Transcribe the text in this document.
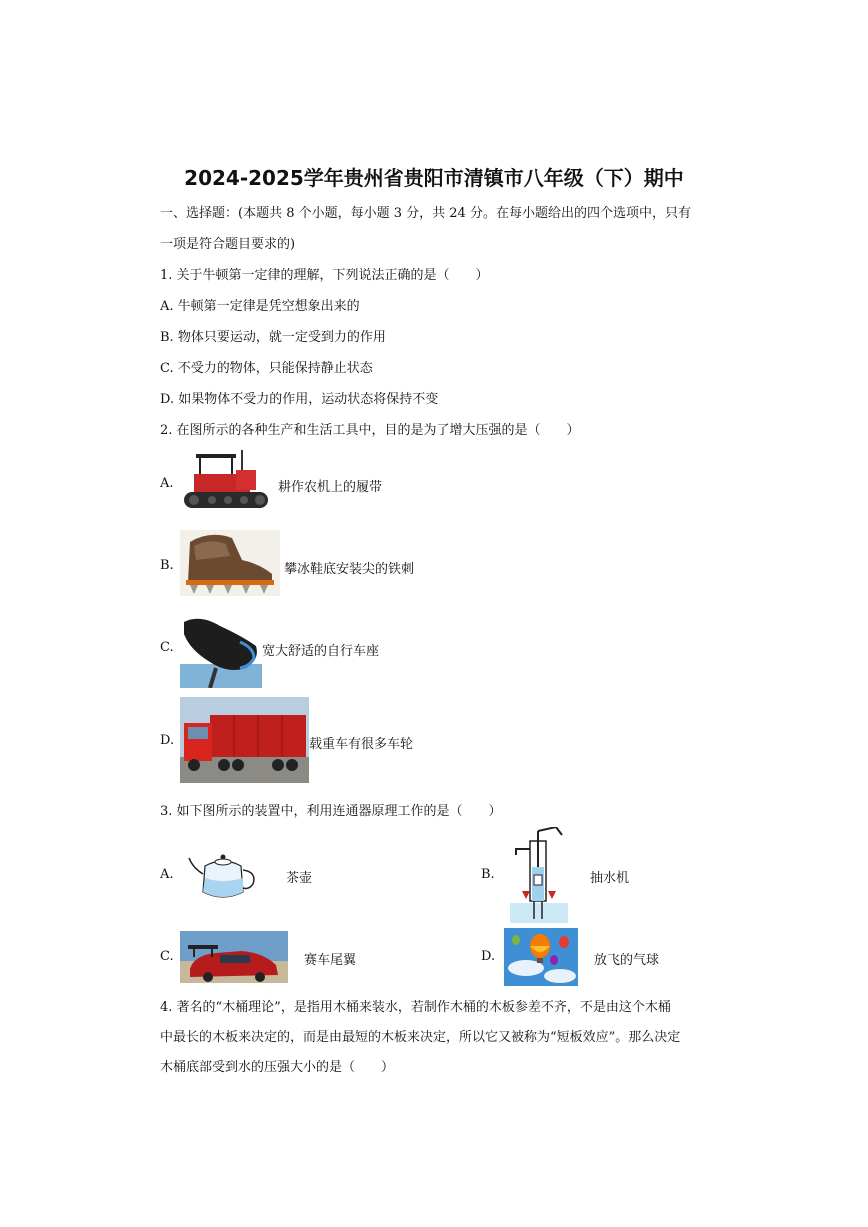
2024-2025学年贵州省贵阳市清镇市八年级（下）期中
一、选择题：(本题共 8 个小题，每小题 3 分，共 24 分。在每小题给出的四个选项中，只有
一项是符合题目要求的)
1. 关于牛顿第一定律的理解，下列说法正确的是（　　）
A. 牛顿第一定律是凭空想象出来的
B. 物体只要运动，就一定受到力的作用
C. 不受力的物体，只能保持静止状态
D. 如果物体不受力的作用，运动状态将保持不变
2. 在图所示的各种生产和生活工具中，目的是为了增大压强的是（　　）
A.	耕作农机上的履带
B.	攀冰鞋底安装尖的铁刺
C.	宽大舒适的自行车座
D.	载重车有很多车轮
3. 如下图所示的装置中，利用连通器原理工作的是（　　）
A.	茶壶	B.	抽水机
C.	赛车尾翼	D.	放飞的气球
4. 著名的“木桶理论”，是指用木桶来装水，若制作木桶的木板参差不齐，不是由这个木桶
中最长的木板来决定的，而是由最短的木板来决定，所以它又被称为“短板效应”。那么决定
木桶底部受到水的压强大小的是（　　）
